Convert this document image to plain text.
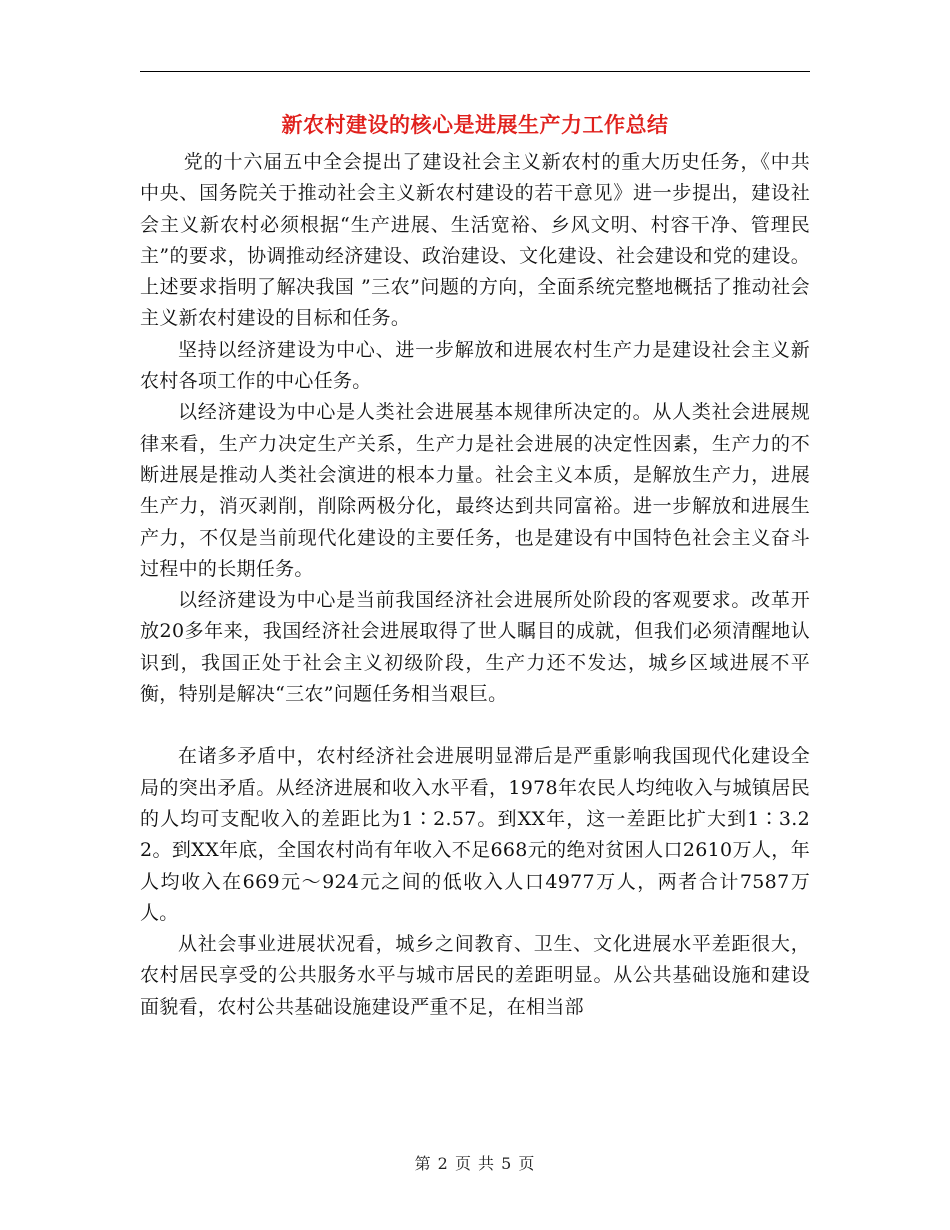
新农村建设的核心是进展生产力工作总结

党的十六届五中全会提出了建设社会主义新农村的重大历史任务，《中共中央、国务院关于推动社会主义新农村建设的若干意见》进一步提出，建设社会主义新农村必须根据“生产进展、生活宽裕、乡风文明、村容干净、管理民主”的要求，协调推动经济建设、政治建设、文化建设、社会建设和党的建设。上述要求指明了解决我国 ”三农”问题的方向，全面系统完整地概括了推动社会主义新农村建设的目标和任务。

坚持以经济建设为中心、进一步解放和进展农村生产力是建设社会主义新农村各项工作的中心任务。

以经济建设为中心是人类社会进展基本规律所决定的。从人类社会进展规律来看，生产力决定生产关系，生产力是社会进展的决定性因素，生产力的不断进展是推动人类社会演进的根本力量。社会主义本质，是解放生产力，进展生产力，消灭剥削，削除两极分化，最终达到共同富裕。进一步解放和进展生产力，不仅是当前现代化建设的主要任务，也是建设有中国特色社会主义奋斗过程中的长期任务。

以经济建设为中心是当前我国经济社会进展所处阶段的客观要求。改革开放20多年来，我国经济社会进展取得了世人瞩目的成就，但我们必须清醒地认识到，我国正处于社会主义初级阶段，生产力还不发达，城乡区域进展不平衡，特别是解决“三农”问题任务相当艰巨。

在诸多矛盾中，农村经济社会进展明显滞后是严重影响我国现代化建设全局的突出矛盾。从经济进展和收入水平看，1978年农民人均纯收入与城镇居民的人均可支配收入的差距比为1∶2.57。到XX年，这一差距比扩大到1∶3.22。到XX年底，全国农村尚有年收入不足668元的绝对贫困人口2610万人，年人均收入在669元～924元之间的低收入人口4977万人，两者合计7587万人。

从社会事业进展状况看，城乡之间教育、卫生、文化进展水平差距很大，农村居民享受的公共服务水平与城市居民的差距明显。从公共基础设施和建设面貌看，农村公共基础设施建设严重不足，在相当部

第 2 页 共 5 页
